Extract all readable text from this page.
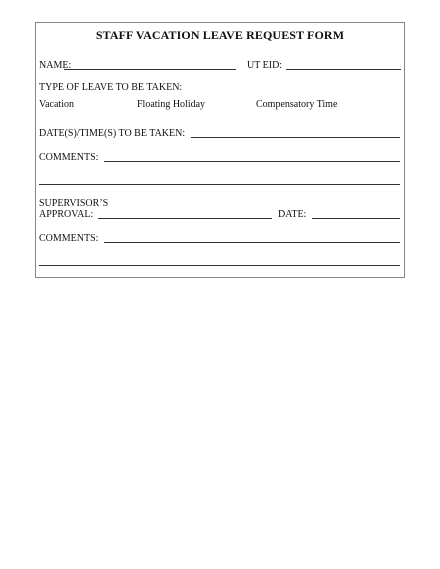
STAFF VACATION LEAVE REQUEST FORM
NAME:	UT EID:
TYPE OF LEAVE TO BE TAKEN:
Vacation	Floating Holiday	Compensatory Time
DATE(S)/TIME(S) TO BE TAKEN:
COMMENTS:
SUPERVISOR’S
APPROVAL:	DATE:
COMMENTS:
